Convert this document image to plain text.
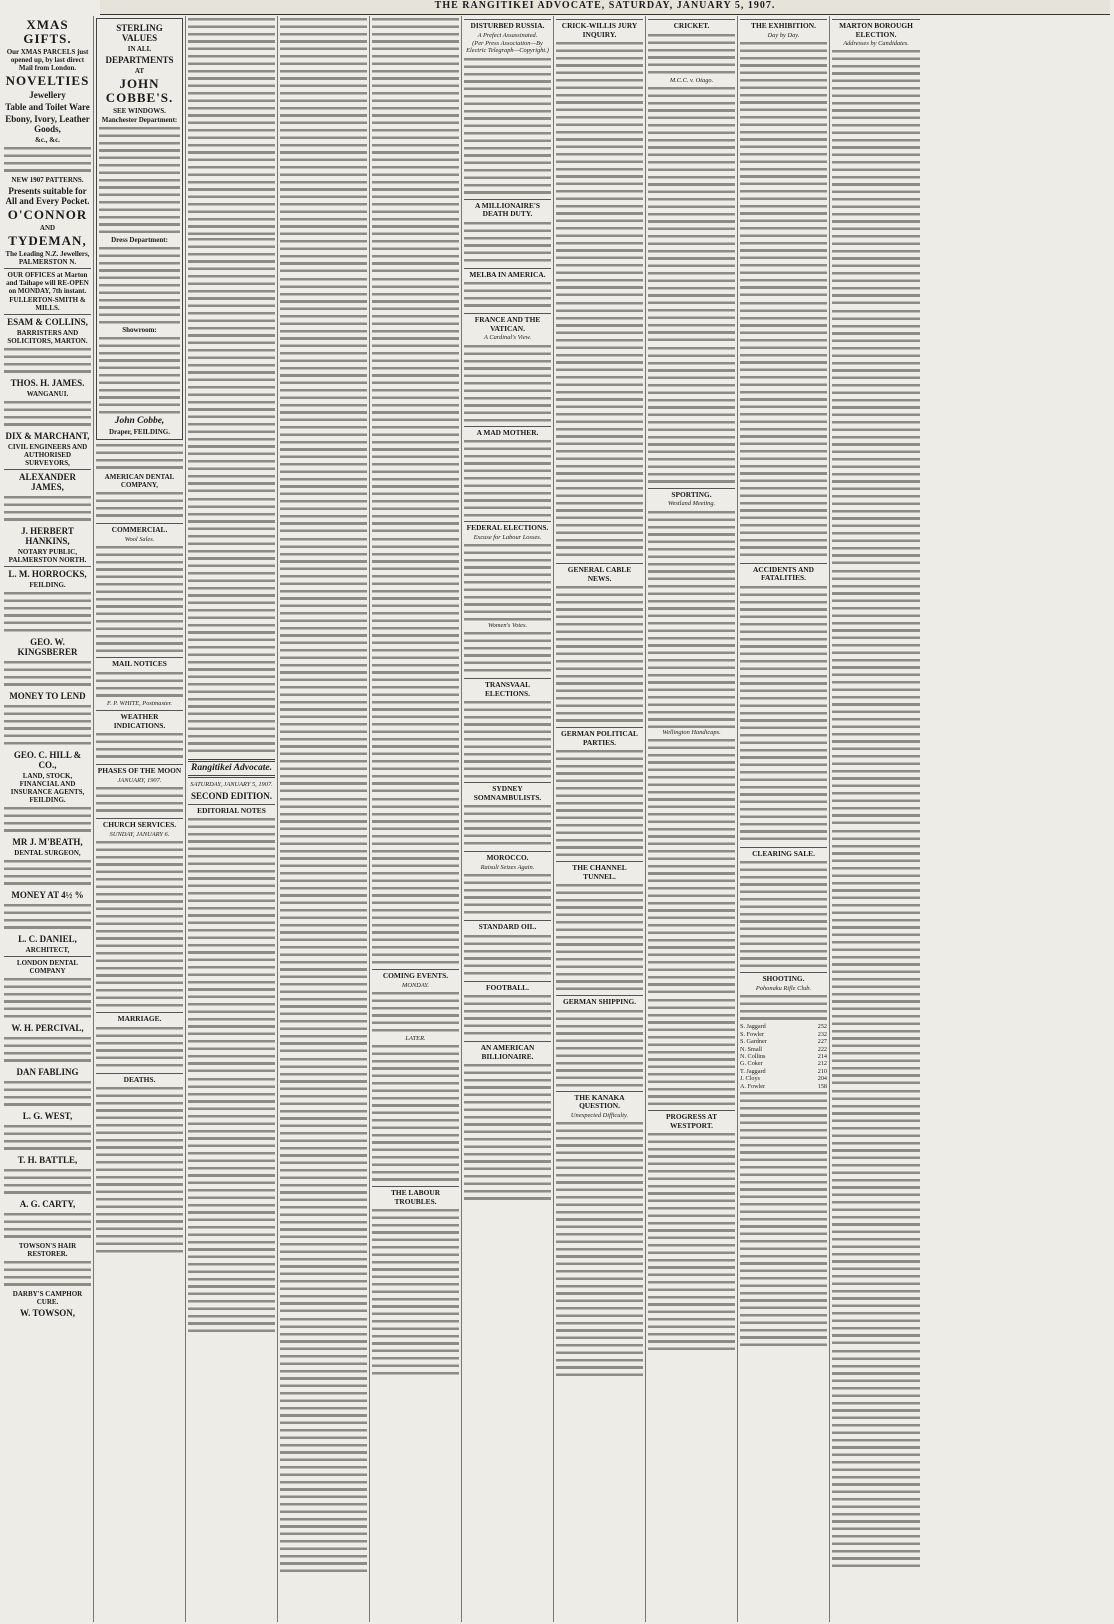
THE RANGITIKEI ADVOCATE, SATURDAY, JANUARY 5, 1907.
XMAS GIFTS.
Our XMAS PARCELS just opened up, by last direct Mail from London.
NOVELTIES
Jewellery
Table and Toilet Ware
Ebony, Ivory, Leather Goods,
&c., &c.
NEW 1907 PATTERNS.
Presents suitable for All and Every Pocket.
O'CONNOR
AND
TYDEMAN,
The Leading N.Z. Jewellers, PALMERSTON N.
OUR OFFICES at Marton and Taihape will RE-OPEN on MONDAY, 7th instant.
FULLERTON-SMITH & MILLS.
ESAM & COLLINS,
BARRISTERS AND SOLICITORS, MARTON.
THOS. H. JAMES.
WANGANUI.
DIX & MARCHANT,
CIVIL ENGINEERS AND AUTHORISED SURVEYORS,
ALEXANDER JAMES,
J. HERBERT HANKINS,
NOTARY PUBLIC, PALMERSTON NORTH.
L. M. HORROCKS,
FEILDING.
GEO. W. KINGSBERER
MONEY TO LEND
GEO. C. HILL & CO.,
LAND, STOCK, FINANCIAL AND INSURANCE AGENTS, FEILDING.
MR J. M'BEATH,
DENTAL SURGEON,
MONEY AT 4½ %
L. C. DANIEL,
ARCHITECT,
LONDON DENTAL COMPANY
W. H. PERCIVAL,
DAN FABLING
L. G. WEST,
T. H. BATTLE,
A. G. CARTY,
TOWSON'S HAIR RESTORER.
DARBY'S CAMPHOR CURE.
W. TOWSON,
STERLING VALUES
IN ALL
DEPARTMENTS
AT
JOHN COBBE'S.
SEE WINDOWS.
Manchester Department:
Dress Department:
Showroom:
John Cobbe,
Draper, FEILDING.
AMERICAN DENTAL COMPANY,
COMMERCIAL.
Wool Sales.
MAIL NOTICES
F. P. WHITE, Postmaster.
WEATHER INDICATIONS.
PHASES OF THE MOON
JANUARY, 1907.
CHURCH SERVICES.
SUNDAY, JANUARY 6.
MARRIAGE.
DEATHS.
Rangitikei Advocate.
SATURDAY, JANUARY 5, 1907.
SECOND EDITION.
EDITORIAL NOTES
COMING EVENTS.
MONDAY.
LATER.
THE LABOUR TROUBLES.
DISTURBED RUSSIA.
A Prefect Assassinated.
(Per Press Association—By Electric Telegraph—Copyright.)
A MILLIONAIRE'S DEATH DUTY.
MELBA IN AMERICA.
FRANCE AND THE VATICAN.
A Cardinal's View.
A MAD MOTHER.
FEDERAL ELECTIONS.
Excuse for Labour Losses.
Women's Votes.
TRANSVAAL ELECTIONS.
SYDNEY SOMNAMBULISTS.
MOROCCO.
Raisuli Seizes Again.
STANDARD OIL.
FOOTBALL.
AN AMERICAN BILLIONAIRE.
CRICK-WILLIS JURY INQUIRY.
GENERAL CABLE NEWS.
GERMAN POLITICAL PARTIES.
THE CHANNEL TUNNEL.
GERMAN SHIPPING.
THE KANAKA QUESTION.
Unexpected Difficulty.
CRICKET.
M.C.C. v. Otago.
SPORTING.
Westland Meeting.
Wellington Handicaps.
PROGRESS AT WESTPORT.
THE EXHIBITION.
Day by Day.
ACCIDENTS AND FATALITIES.
CLEARING SALE.
SHOOTING.
Pohonaku Rifle Club.
S. Jaggard	252
S. Fowler	232
S. Gardner	227
N. Small	222
N. Collins	214
G. Coker	212
T. Jaggard	210
J. Cloys	204
A. Fowler	158
MARTON BOROUGH ELECTION.
Addresses by Candidates.
